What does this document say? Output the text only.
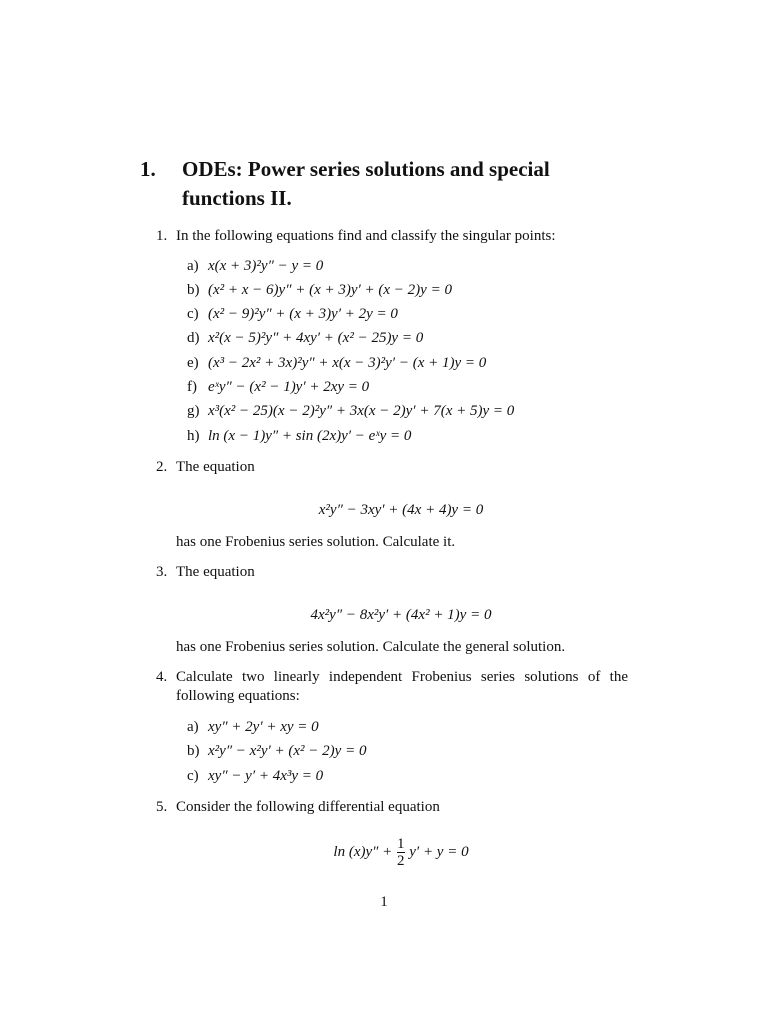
1. ODEs: Power series solutions and special functions II.
1. In the following equations find and classify the singular points:
a) x(x + 3)²y″ − y = 0
b) (x² + x − 6)y″ + (x + 3)y′ + (x − 2)y = 0
c) (x² − 9)²y″ + (x + 3)y′ + 2y = 0
d) x²(x − 5)²y″ + 4xy′ + (x² − 25)y = 0
e) (x³ − 2x² + 3x)²y″ + x(x − 3)²y′ − (x + 1)y = 0
f) eˣy″ − (x² − 1)y′ + 2xy = 0
g) x³(x² − 25)(x − 2)²y″ + 3x(x − 2)y′ + 7(x + 5)y = 0
h) ln (x − 1)y″ + sin (2x)y′ − eˣy = 0
2. The equation
x²y″ − 3xy′ + (4x + 4)y = 0
has one Frobenius series solution. Calculate it.
3. The equation
4x²y″ − 8x²y′ + (4x² + 1)y = 0
has one Frobenius series solution. Calculate the general solution.
4. Calculate two linearly independent Frobenius series solutions of the following equations:
a) xy″ + 2y′ + xy = 0
b) x²y″ − x²y′ + (x² − 2)y = 0
c) xy″ − y′ + 4x³y = 0
5. Consider the following differential equation
$\ln (x)y'' + \frac{1}{2} y' + y = 0$
1
